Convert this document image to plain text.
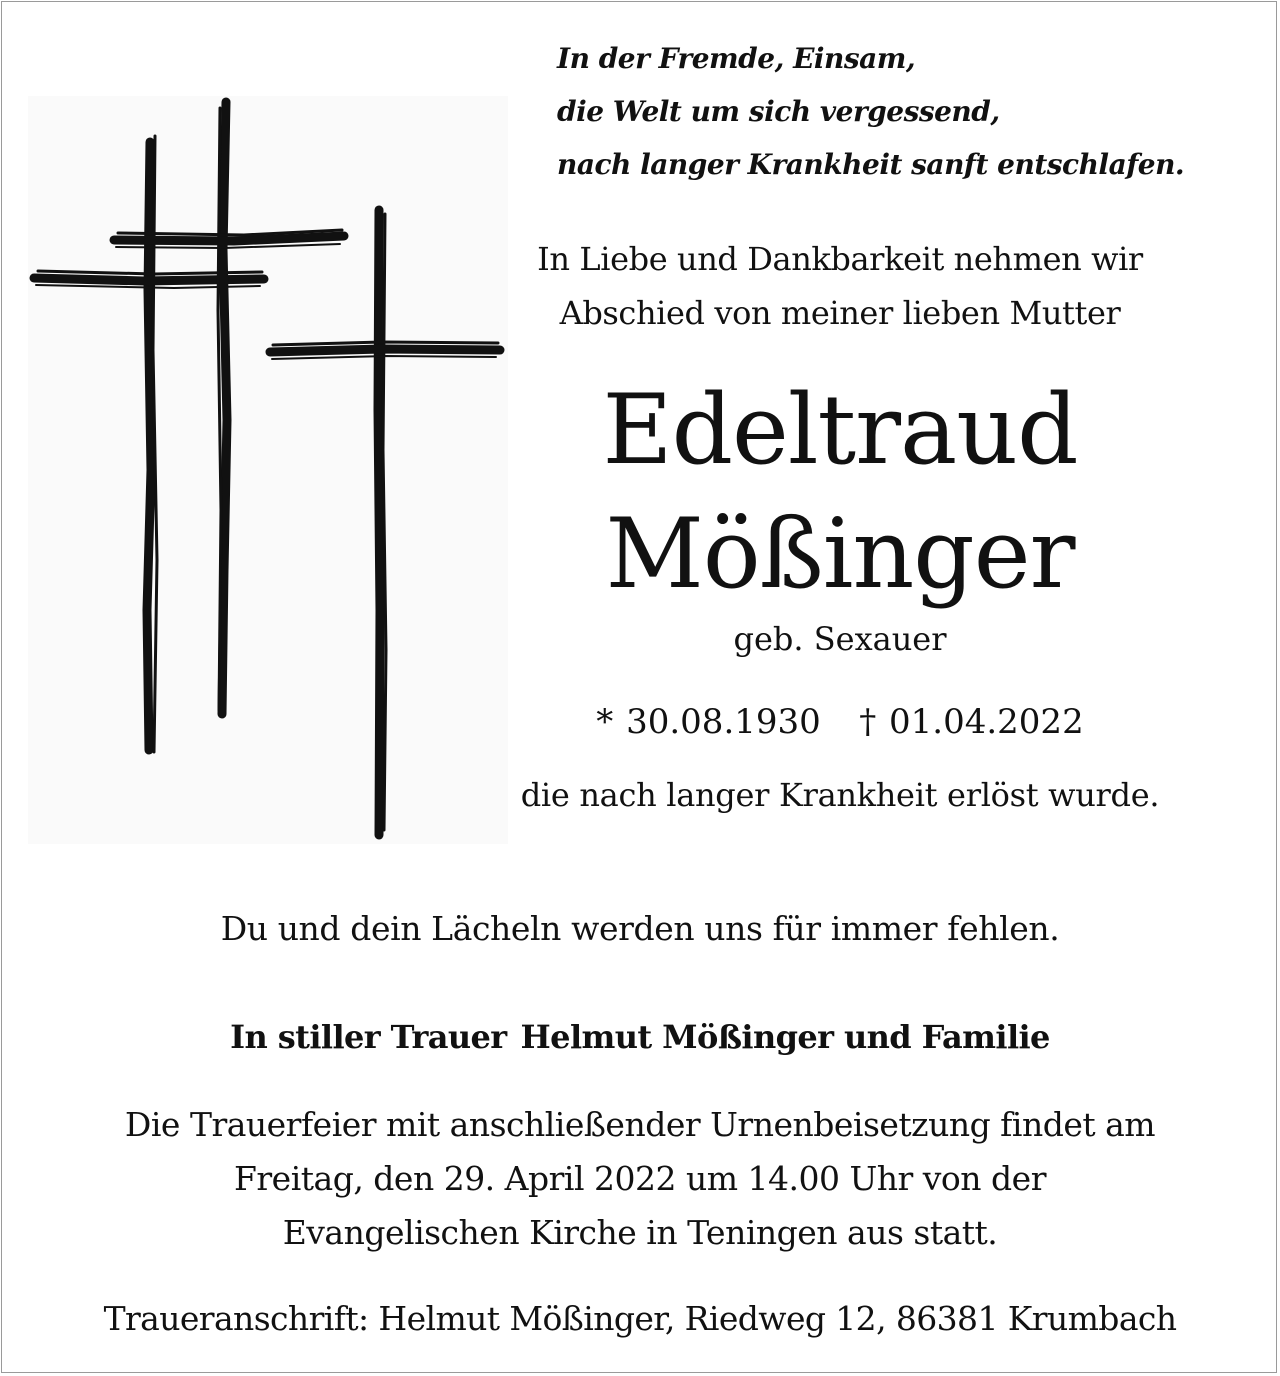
In der Fremde, Einsam,
die Welt um sich vergessend,
nach langer Krankheit sanft entschlafen.
In Liebe und Dankbarkeit nehmen wir
Abschied von meiner lieben Mutter
Edeltraud
Mößinger
geb. Sexauer
* 30.08.1930 † 01.04.2022
die nach langer Krankheit erlöst wurde.
Du und dein Lächeln werden uns für immer fehlen.
In stiller Trauer Helmut Mößinger und Familie
Die Trauerfeier mit anschließender Urnenbeisetzung findet am
Freitag, den 29. April 2022 um 14.00 Uhr von der
Evangelischen Kirche in Teningen aus statt.
Traueranschrift: Helmut Mößinger, Riedweg 12, 86381 Krumbach
